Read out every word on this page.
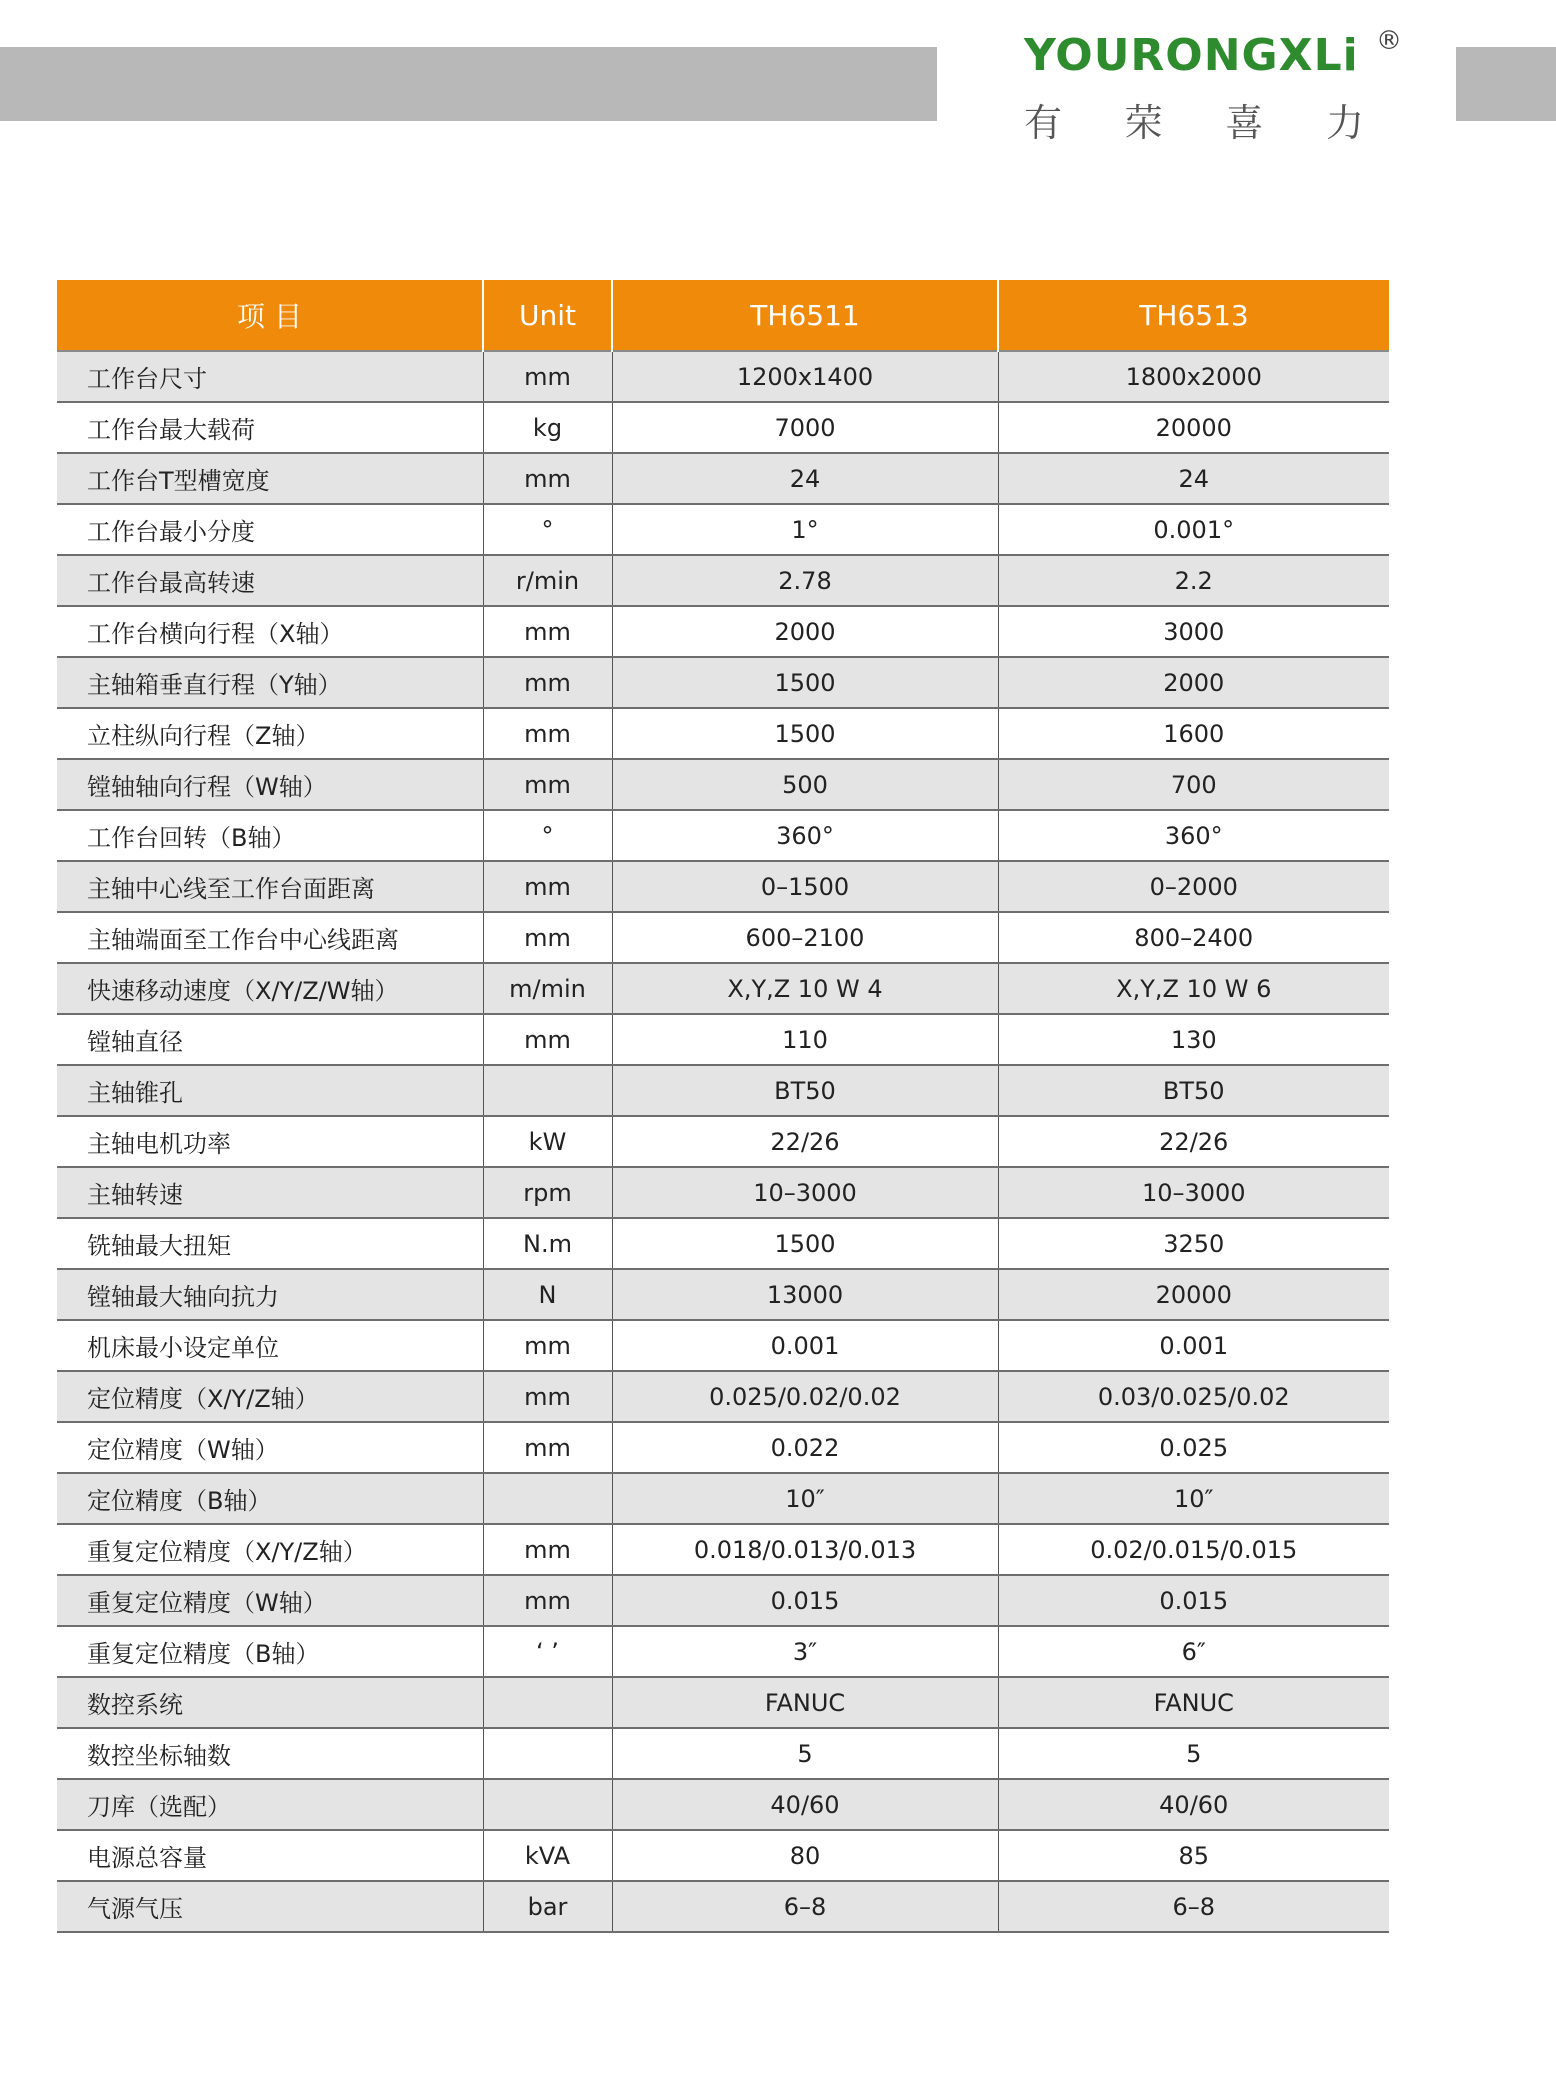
YOURONGXLi ®
有 荣 喜 力
项 目	Unit	TH6511	TH6513
工作台尺寸	mm	1200x1400	1800x2000
工作台最大载荷	kg	7000	20000
工作台T型槽宽度	mm	24	24
工作台最小分度	°	1°	0.001°
工作台最高转速	r/min	2.78	2.2
工作台横向行程（X轴）	mm	2000	3000
主轴箱垂直行程（Y轴）	mm	1500	2000
立柱纵向行程（Z轴）	mm	1500	1600
镗轴轴向行程（W轴）	mm	500	700
工作台回转（B轴）	°	360°	360°
主轴中心线至工作台面距离	mm	0–1500	0–2000
主轴端面至工作台中心线距离	mm	600–2100	800–2400
快速移动速度（X/Y/Z/W轴）	m/min	X,Y,Z 10 W 4	X,Y,Z 10 W 6
镗轴直径	mm	110	130
主轴锥孔		BT50	BT50
主轴电机功率	kW	22/26	22/26
主轴转速	rpm	10–3000	10–3000
铣轴最大扭矩	N.m	1500	3250
镗轴最大轴向抗力	N	13000	20000
机床最小设定单位	mm	0.001	0.001
定位精度（X/Y/Z轴）	mm	0.025/0.02/0.02	0.03/0.025/0.02
定位精度（W轴）	mm	0.022	0.025
定位精度（B轴）		10″	10″
重复定位精度（X/Y/Z轴）	mm	0.018/0.013/0.013	0.02/0.015/0.015
重复定位精度（W轴）	mm	0.015	0.015
重复定位精度（B轴）	‘ ’	3″	6″
数控系统		FANUC	FANUC
数控坐标轴数		5	5
刀库（选配）		40/60	40/60
电源总容量	kVA	80	85
气源气压	bar	6–8	6–8
